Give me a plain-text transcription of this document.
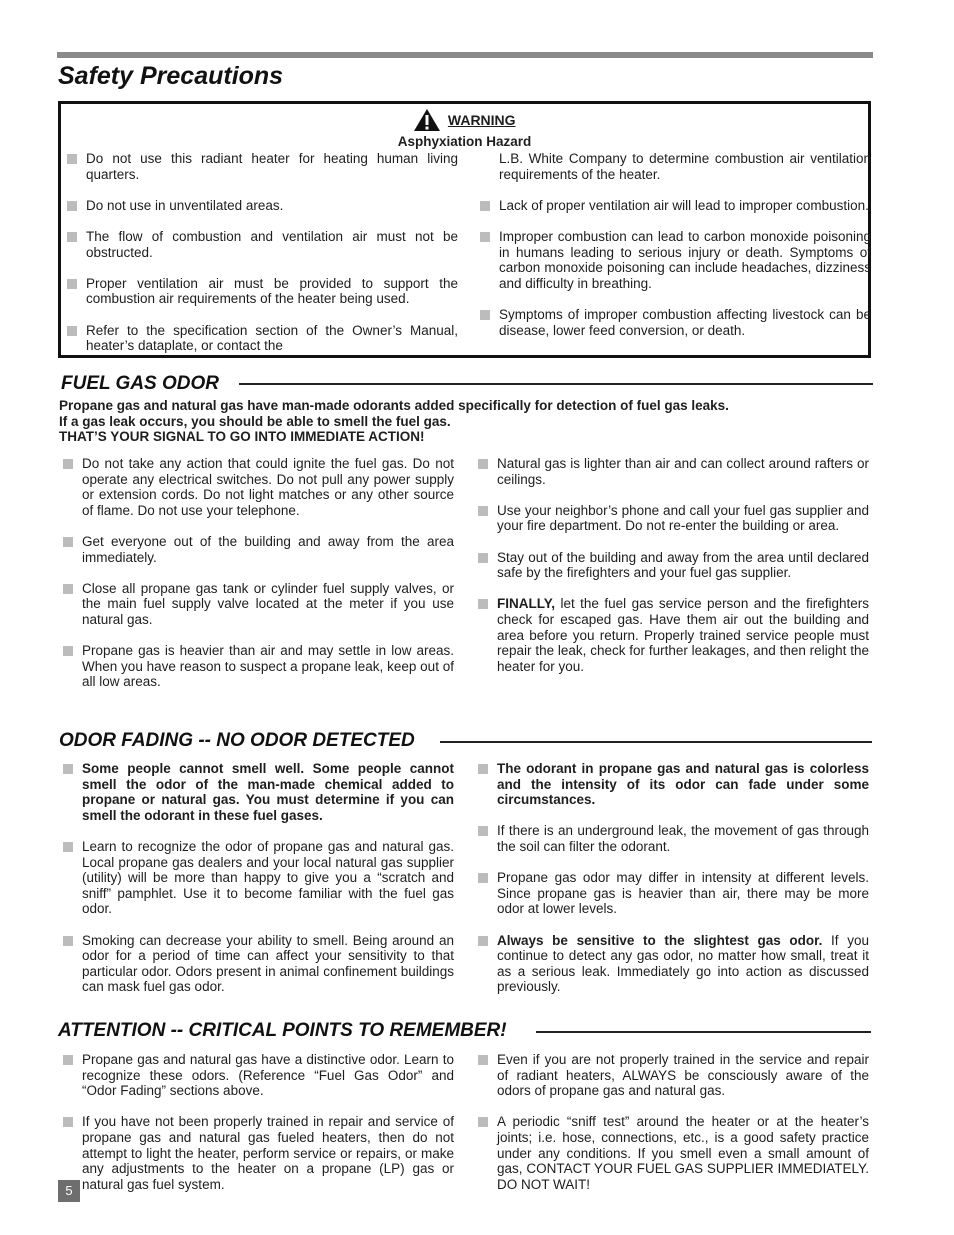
Safety Precautions
WARNING
Asphyxiation Hazard
Do not use this radiant heater for heating human living quarters.
Do not use in unventilated areas.
The flow of combustion and ventilation air must not be obstructed.
Proper ventilation air must be provided to support the combustion air requirements of the heater being used.
Refer to the specification section of the Owner’s Manual, heater’s dataplate, or contact the
L.B. White Company to determine combustion air ventilation requirements of the heater.
Lack of proper ventilation air will lead to improper combustion.
Improper combustion can lead to carbon monoxide poisoning in humans leading to serious injury or death. Symptoms of carbon monoxide poisoning can include headaches, dizziness and difficulty in breathing.
Symptoms of improper combustion affecting livestock can be disease, lower feed conversion, or death.
FUEL GAS ODOR
Propane gas and natural gas have man-made odorants added specifically for detection of fuel gas leaks.
If a gas leak occurs, you should be able to smell the fuel gas.
THAT’S YOUR SIGNAL TO GO INTO IMMEDIATE ACTION!
Do not take any action that could ignite the fuel gas. Do not operate any electrical switches. Do not pull any power supply or extension cords. Do not light matches or any other source of flame. Do not use your telephone.
Get everyone out of the building and away from the area immediately.
Close all propane gas tank or cylinder fuel supply valves, or the main fuel supply valve located at the meter if you use natural gas.
Propane gas is heavier than air and may settle in low areas. When you have reason to suspect a propane leak, keep out of all low areas.
Natural gas is lighter than air and can collect around rafters or ceilings.
Use your neighbor’s phone and call your fuel gas supplier and your fire department. Do not re-enter the building or area.
Stay out of the building and away from the area until declared safe by the firefighters and your fuel gas supplier.
FINALLY, let the fuel gas service person and the firefighters check for escaped gas. Have them air out the building and area before you return. Properly trained service people must repair the leak, check for further leakages, and then relight the heater for you.
ODOR FADING -- NO ODOR DETECTED
Some people cannot smell well. Some people cannot smell the odor of the man-made chemical added to propane or natural gas. You must determine if you can smell the odorant in these fuel gases.
Learn to recognize the odor of propane gas and natural gas. Local propane gas dealers and your local natural gas supplier (utility) will be more than happy to give you a “scratch and sniff” pamphlet. Use it to become familiar with the fuel gas odor.
Smoking can decrease your ability to smell. Being around an odor for a period of time can affect your sensitivity to that particular odor. Odors present in animal confinement buildings can mask fuel gas odor.
The odorant in propane gas and natural gas is colorless and the intensity of its odor can fade under some circumstances.
If there is an underground leak, the movement of gas through the soil can filter the odorant.
Propane gas odor may differ in intensity at different levels. Since propane gas is heavier than air, there may be more odor at lower levels.
Always be sensitive to the slightest gas odor. If you continue to detect any gas odor, no matter how small, treat it as a serious leak. Immediately go into action as discussed previously.
ATTENTION -- CRITICAL POINTS TO REMEMBER!
Propane gas and natural gas have a distinctive odor. Learn to recognize these odors. (Reference “Fuel Gas Odor” and “Odor Fading” sections above.
If you have not been properly trained in repair and service of propane gas and natural gas fueled heaters, then do not attempt to light the heater, perform service or repairs, or make any adjustments to the heater on a propane (LP) gas or natural gas fuel system.
Even if you are not properly trained in the service and repair of radiant heaters, ALWAYS be consciously aware of the odors of propane gas and natural gas.
A periodic “sniff test” around the heater or at the heater’s joints; i.e. hose, connections, etc., is a good safety practice under any conditions. If you smell even a small amount of gas, CONTACT YOUR FUEL GAS SUPPLIER IMMEDIATELY. DO NOT WAIT!
5
